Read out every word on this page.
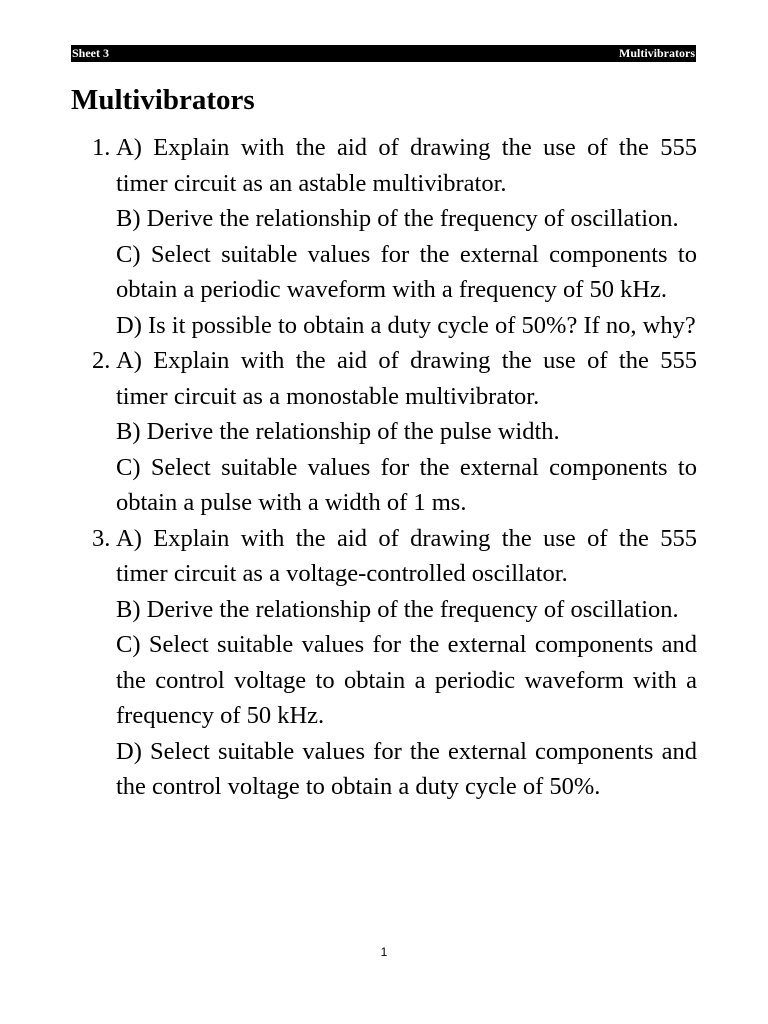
Sheet 3	Multivibrators
Multivibrators
1. A) Explain with the aid of drawing the use of the 555 timer circuit as an astable multivibrator.

B) Derive the relationship of the frequency of oscillation.

C) Select suitable values for the external components to obtain a periodic waveform with a frequency of 50 kHz.

D) Is it possible to obtain a duty cycle of 50%? If no, why?

2. A) Explain with the aid of drawing the use of the 555 timer circuit as a monostable multivibrator.

B) Derive the relationship of the pulse width.

C) Select suitable values for the external components to obtain a pulse with a width of 1 ms.

3. A) Explain with the aid of drawing the use of the 555 timer circuit as a voltage-controlled oscillator.

B) Derive the relationship of the frequency of oscillation.

C) Select suitable values for the external components and the control voltage to obtain a periodic waveform with a frequency of 50 kHz.

D) Select suitable values for the external components and the control voltage to obtain a duty cycle of 50%.

1
